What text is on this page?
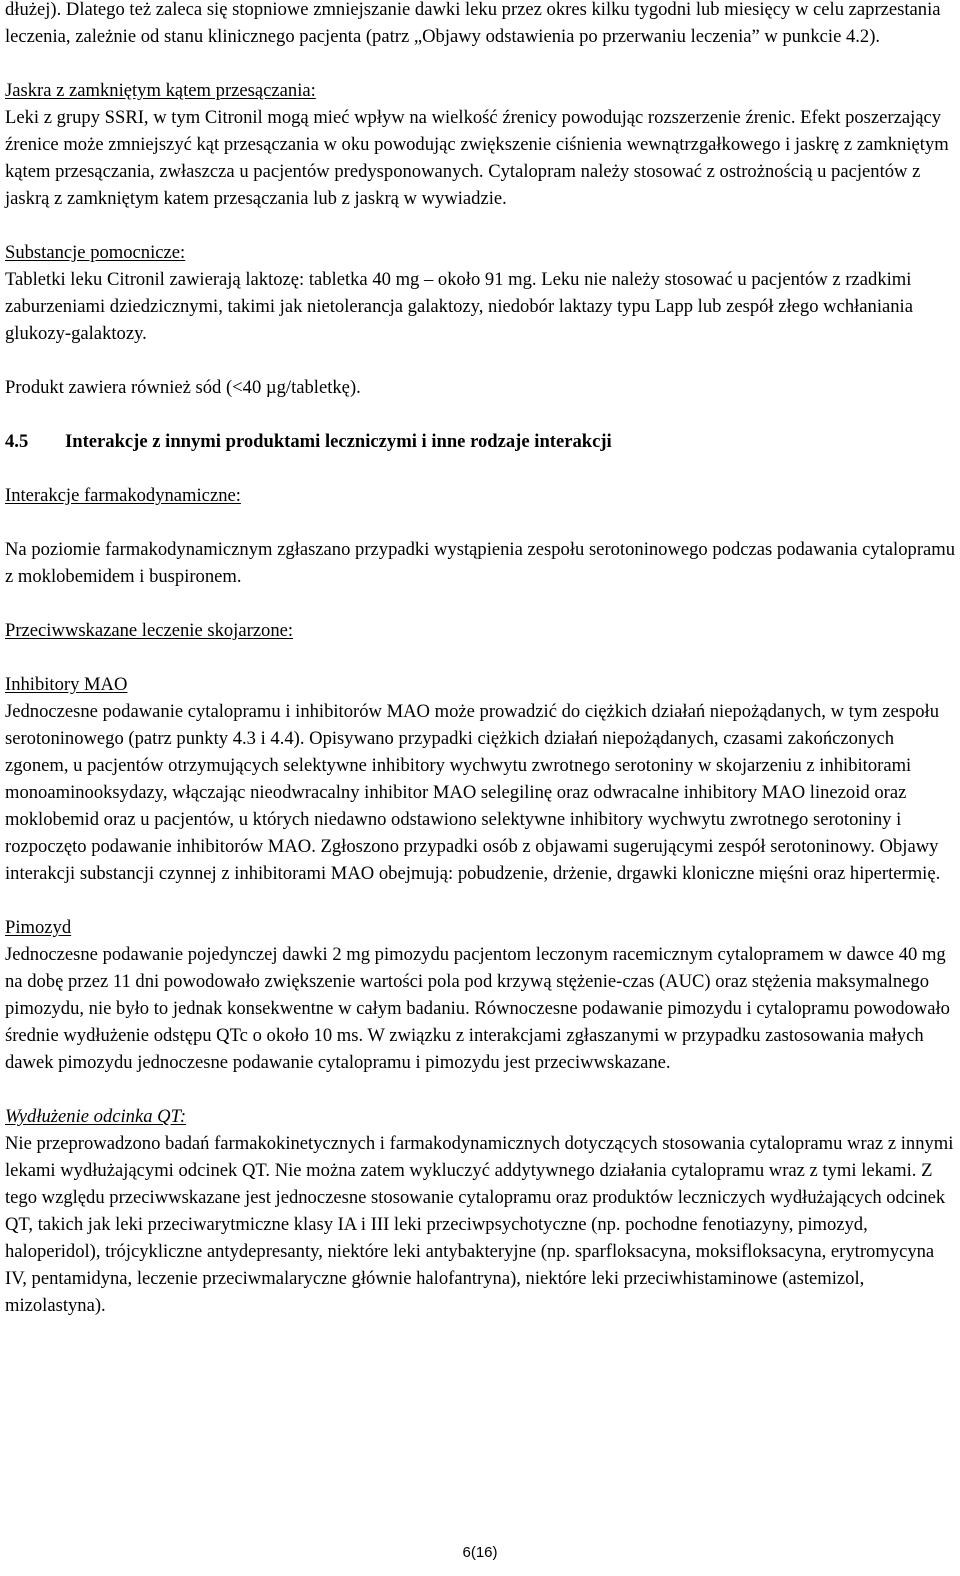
dłużej). Dlatego też zaleca się stopniowe zmniejszanie dawki leku przez okres kilku tygodni lub miesięcy w celu zaprzestania leczenia, zależnie od stanu klinicznego pacjenta (patrz „Objawy odstawienia po przerwaniu leczenia” w punkcie 4.2).

Jaskra z zamkniętym kątem przesączania:

Leki z grupy SSRI, w tym Citronil mogą mieć wpływ na wielkość źrenicy powodując rozszerzenie źrenic. Efekt poszerzający źrenice może zmniejszyć kąt przesączania w oku powodując zwiększenie ciśnienia wewnątrzgałkowego i jaskrę z zamkniętym kątem przesączania, zwłaszcza u pacjentów predysponowanych. Cytalopram należy stosować z ostrożnością u pacjentów z jaskrą z zamkniętym katem przesączania lub z jaskrą w wywiadzie.

Substancje pomocnicze:

Tabletki leku Citronil zawierają laktozę: tabletka 40 mg – około 91 mg. Leku nie należy stosować u pacjentów z rzadkimi zaburzeniami dziedzicznymi, takimi jak nietolerancja galaktozy, niedobór laktazy typu Lapp lub zespół złego wchłaniania glukozy-galaktozy.

Produkt zawiera również sód (<40 µg/tabletkę).

4.5 Interakcje z innymi produktami leczniczymi i inne rodzaje interakcji

Interakcje farmakodynamiczne:

Na poziomie farmakodynamicznym zgłaszano przypadki wystąpienia zespołu serotoninowego podczas podawania cytalopramu z moklobemidem i buspironem.

Przeciwwskazane leczenie skojarzone:

Inhibitory MAO

Jednoczesne podawanie cytalopramu i inhibitorów MAO może prowadzić do ciężkich działań niepożądanych, w tym zespołu serotoninowego (patrz punkty 4.3 i 4.4). Opisywano przypadki ciężkich działań niepożądanych, czasami zakończonych zgonem, u pacjentów otrzymujących selektywne inhibitory wychwytu zwrotnego serotoniny w skojarzeniu z inhibitorami monoaminooksydazy, włączając nieodwracalny inhibitor MAO selegilinę oraz odwracalne inhibitory MAO linezoid oraz moklobemid oraz u pacjentów, u których niedawno odstawiono selektywne inhibitory wychwytu zwrotnego serotoniny i rozpoczęto podawanie inhibitorów MAO. Zgłoszono przypadki osób z objawami sugerującymi zespół serotoninowy. Objawy interakcji substancji czynnej z inhibitorami MAO obejmują: pobudzenie, drżenie, drgawki kloniczne mięśni oraz hipertermię.

Pimozyd

Jednoczesne podawanie pojedynczej dawki 2 mg pimozydu pacjentom leczonym racemicznym cytalopramem w dawce 40 mg na dobę przez 11 dni powodowało zwiększenie wartości pola pod krzywą stężenie-czas (AUC) oraz stężenia maksymalnego pimozydu, nie było to jednak konsekwentne w całym badaniu. Równoczesne podawanie pimozydu i cytalopramu powodowało średnie wydłużenie odstępu QTc o około 10 ms. W związku z interakcjami zgłaszanymi w przypadku zastosowania małych dawek pimozydu jednoczesne podawanie cytalopramu i pimozydu jest przeciwwskazane.

Wydłużenie odcinka QT:

Nie przeprowadzono badań farmakokinetycznych i farmakodynamicznych dotyczących stosowania cytalopramu wraz z innymi lekami wydłużającymi odcinek QT. Nie można zatem wykluczyć addytywnego działania cytalopramu wraz z tymi lekami. Z tego względu przeciwwskazane jest jednoczesne stosowanie cytalopramu oraz produktów leczniczych wydłużających odcinek QT, takich jak leki przeciwarytmiczne klasy IA i III leki przeciwpsychotyczne (np. pochodne fenotiazyny, pimozyd, haloperidol), trójcykliczne antydepresanty, niektóre leki antybakteryjne (np. sparfloksacyna, moksifloksacyna, erytromycyna IV, pentamidyna, leczenie przeciwmalaryczne głównie halofantryna), niektóre leki przeciwhistaminowe (astemizol, mizolastyna).

6(16)
